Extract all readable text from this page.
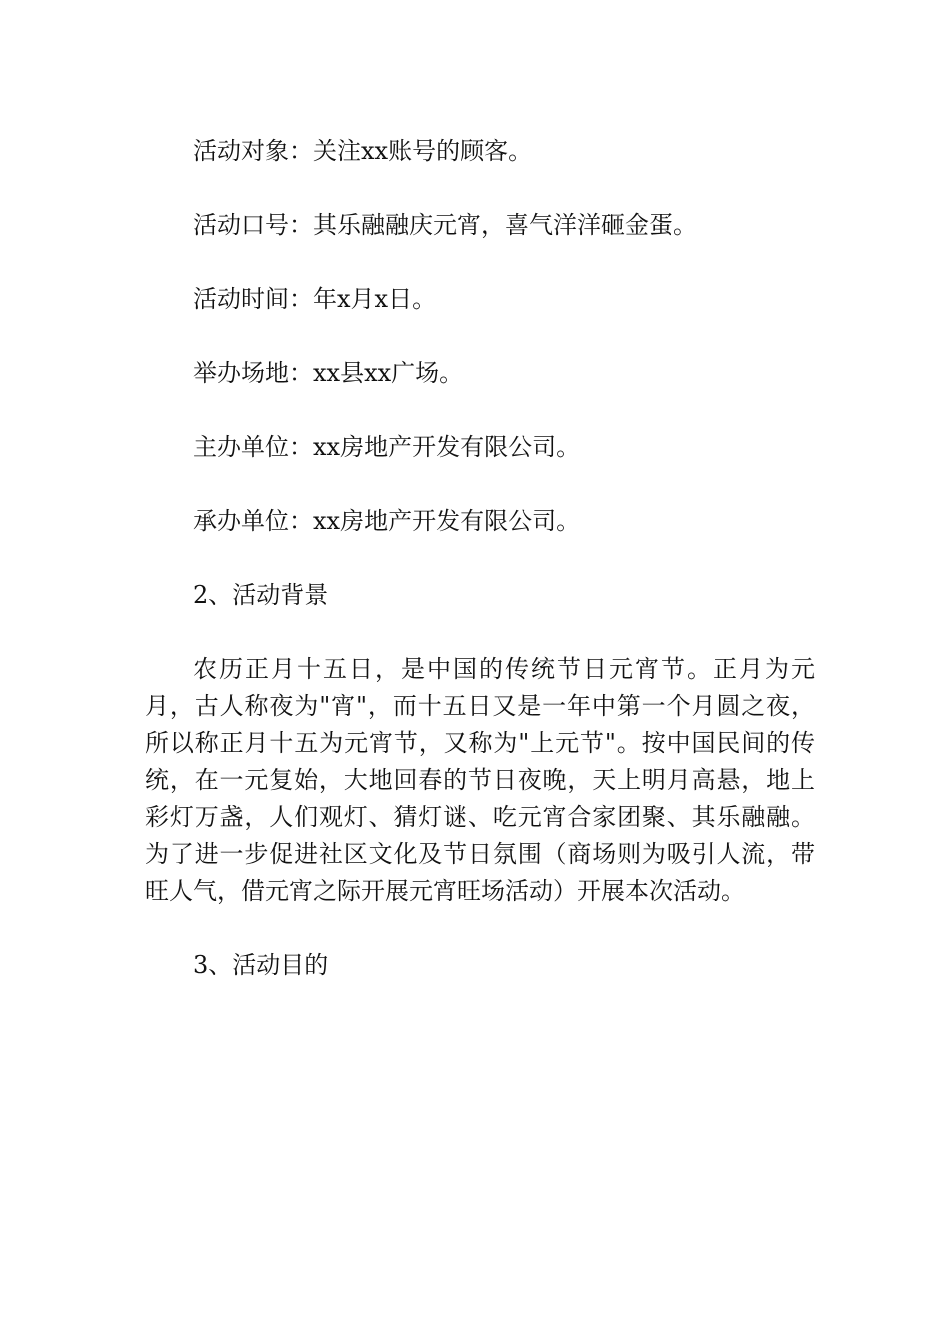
活动对象：关注xx账号的顾客。

活动口号：其乐融融庆元宵，喜气洋洋砸金蛋。

活动时间：年x月x日。

举办场地：xx县xx广场。

主办单位：xx房地产开发有限公司。

承办单位：xx房地产开发有限公司。

2、活动背景

农历正月十五日，是中国的传统节日元宵节。正月为元月，古人称夜为"宵"，而十五日又是一年中第一个月圆之夜，所以称正月十五为元宵节，又称为"上元节"。按中国民间的传统，在一元复始，大地回春的节日夜晚，天上明月高悬，地上彩灯万盏，人们观灯、猜灯谜、吃元宵合家团聚、其乐融融。为了进一步促进社区文化及节日氛围（商场则为吸引人流，带旺人气，借元宵之际开展元宵旺场活动）开展本次活动。

3、活动目的
